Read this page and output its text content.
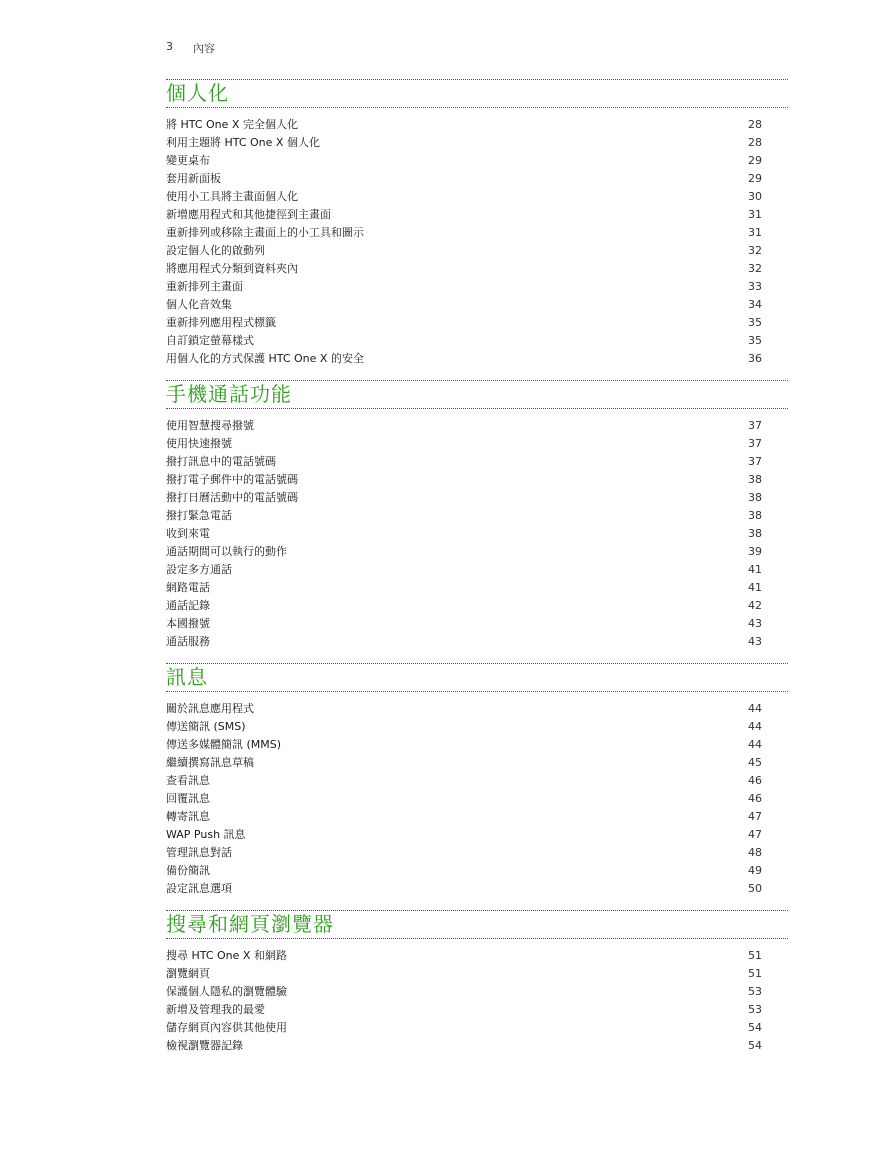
3 內容
個人化
將 HTC One X 完全個人化	28
利用主題將 HTC One X 個人化	28
變更桌布	29
套用新面板	29
使用小工具將主畫面個人化	30
新增應用程式和其他捷徑到主畫面	31
重新排列或移除主畫面上的小工具和圖示	31
設定個人化的啟動列	32
將應用程式分類到資料夾內	32
重新排列主畫面	33
個人化音效集	34
重新排列應用程式標籤	35
自訂鎖定螢幕樣式	35
用個人化的方式保護 HTC One X 的安全	36
手機通話功能
使用智慧搜尋撥號	37
使用快速撥號	37
撥打訊息中的電話號碼	37
撥打電子郵件中的電話號碼	38
撥打日曆活動中的電話號碼	38
撥打緊急電話	38
收到來電	38
通話期間可以執行的動作	39
設定多方通話	41
網路電話	41
通話記錄	42
本國撥號	43
通話服務	43
訊息
關於訊息應用程式	44
傳送簡訊 (SMS)	44
傳送多媒體簡訊 (MMS)	44
繼續撰寫訊息草稿	45
查看訊息	46
回覆訊息	46
轉寄訊息	47
WAP Push 訊息	47
管理訊息對話	48
備份簡訊	49
設定訊息選項	50
搜尋和網頁瀏覽器
搜尋 HTC One X 和網路	51
瀏覽網頁	51
保護個人隱私的瀏覽體驗	53
新增及管理我的最愛	53
儲存網頁內容供其他使用	54
檢視瀏覽器記錄	54
